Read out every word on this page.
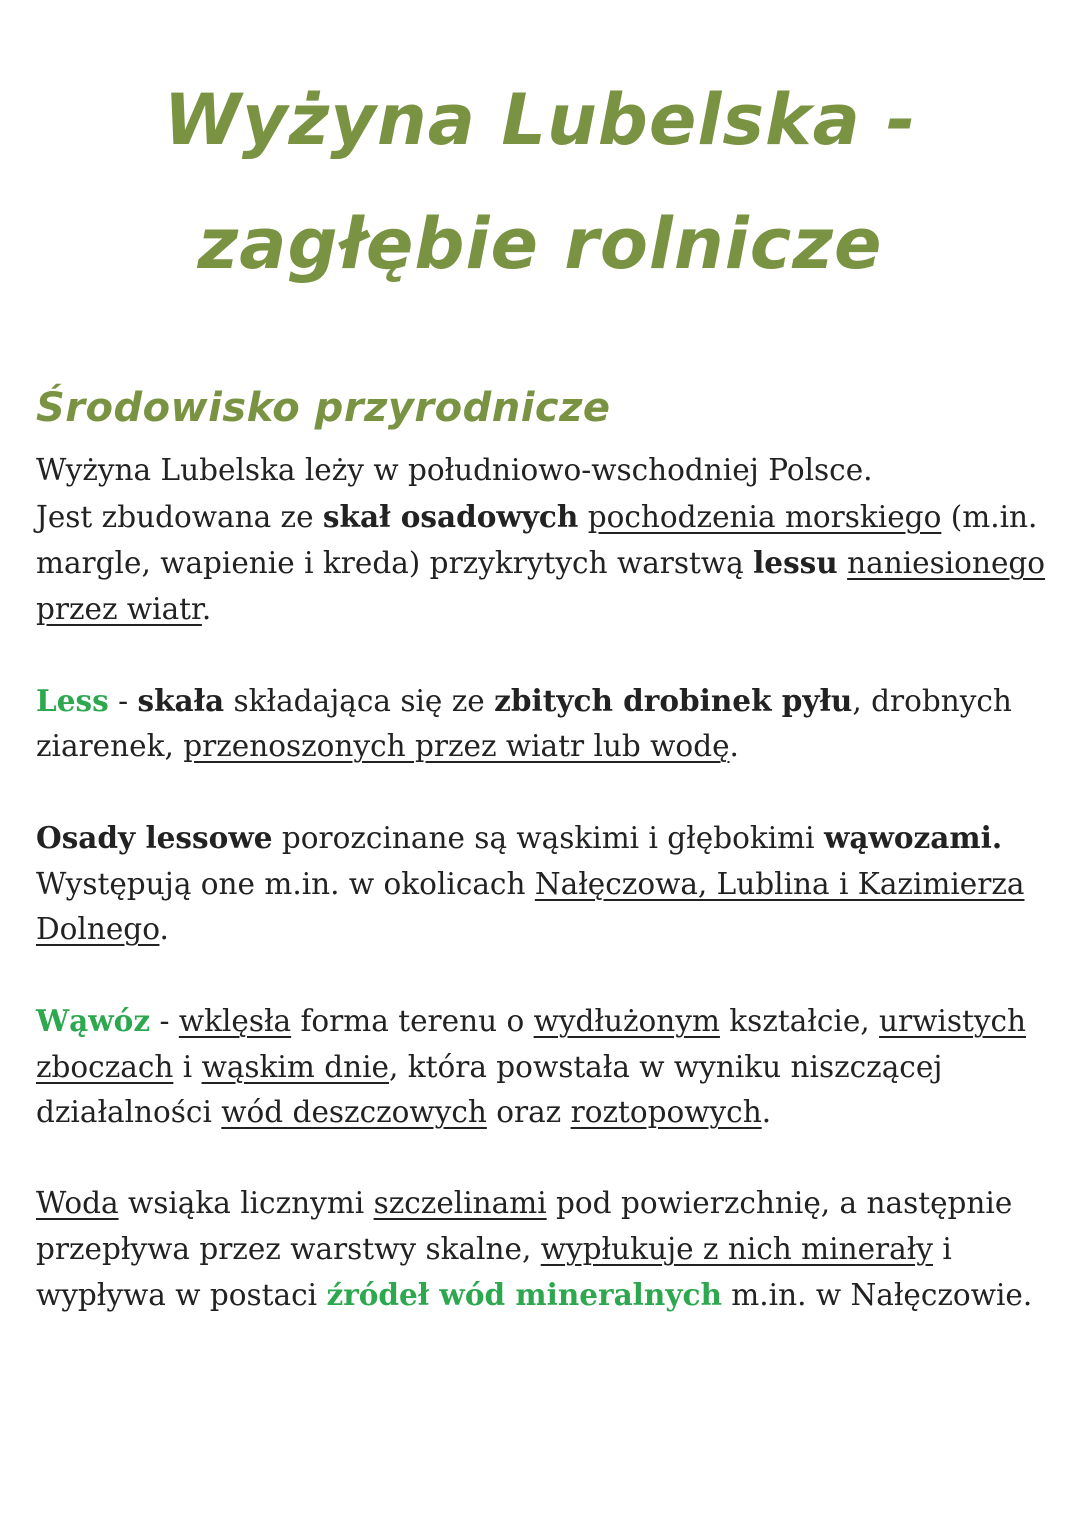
Wyżyna Lubelska -
zagłębie rolnicze
Środowisko przyrodnicze

Wyżyna Lubelska leży w południowo-wschodniej Polsce.
Jest zbudowana ze skał osadowych pochodzenia morskiego (m.in. margle, wapienie i kreda) przykrytych warstwą lessu naniesionego przez wiatr.

Less - skała składająca się ze zbitych drobinek pyłu, drobnych ziarenek, przenoszonych przez wiatr lub wodę.

Osady lessowe porozcinane są wąskimi i głębokimi wąwozami. Występują one m.in. w okolicach Nałęczowa, Lublina i Kazimierza Dolnego.

Wąwóz - wklęsła forma terenu o wydłużonym kształcie, urwistych zboczach i wąskim dnie, która powstała w wyniku niszczącej działalności wód deszczowych oraz roztopowych.

Woda wsiąka licznymi szczelinami pod powierzchnię, a następnie przepływa przez warstwy skalne, wypłukuje z nich minerały i wypływa w postaci źródeł wód mineralnych m.in. w Nałęczowie.
